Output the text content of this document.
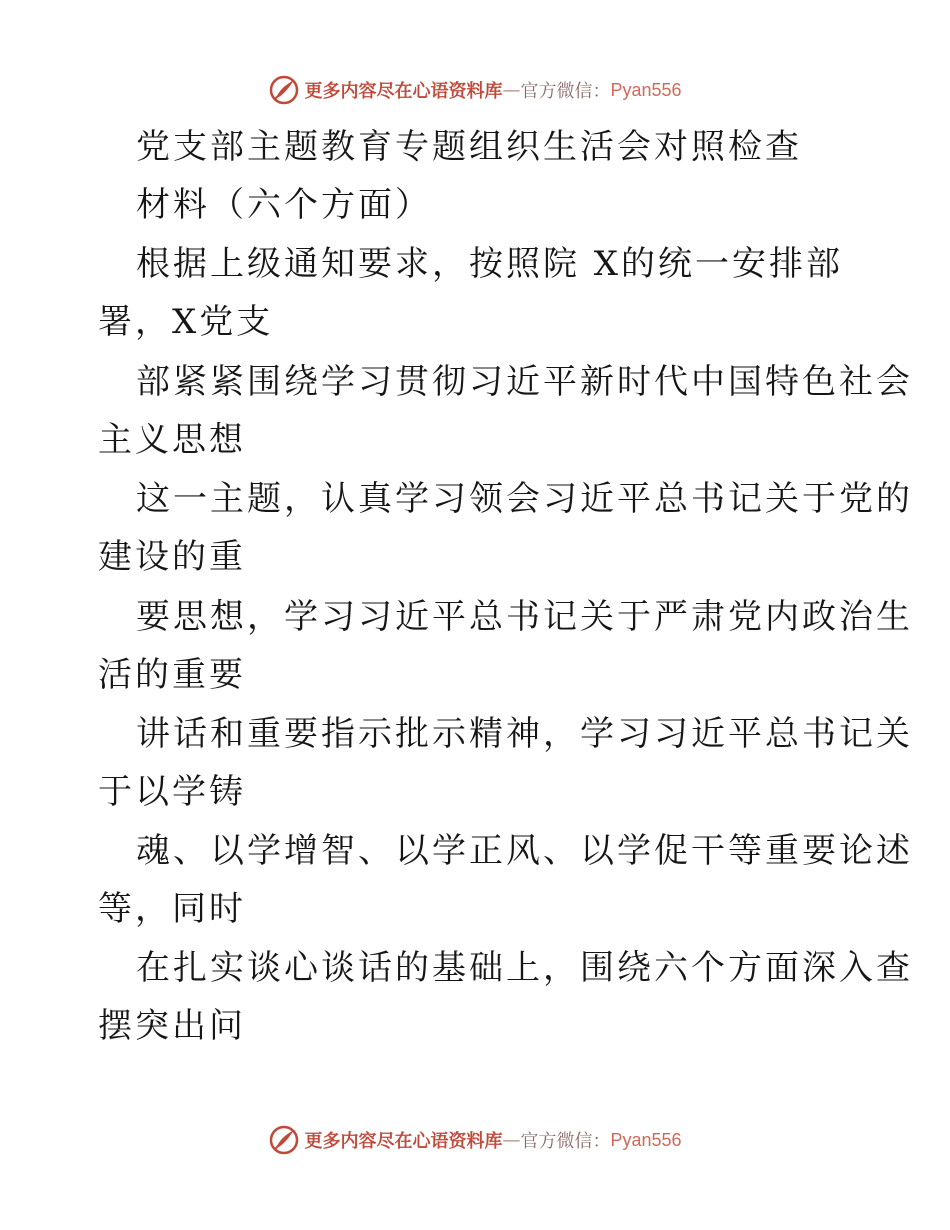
更多内容尽在心语资料库 — 官方微信： Pyan556
党支部主题教育专题组织生活会对照检查
材料（六个方面）
根据上级通知要求，按照院 X的统一安排部
署，X党支
部紧紧围绕学习贯彻习近平新时代中国特色社会
主义思想
这一主题，认真学习领会习近平总书记关于党的
建设的重
要思想，学习习近平总书记关于严肃党内政治生
活的重要
讲话和重要指示批示精神，学习习近平总书记关
于以学铸
魂、以学增智、以学正风、以学促干等重要论述
等，同时
在扎实谈心谈话的基础上，围绕六个方面深入查
摆突出问
更多内容尽在心语资料库 — 官方微信： Pyan556
